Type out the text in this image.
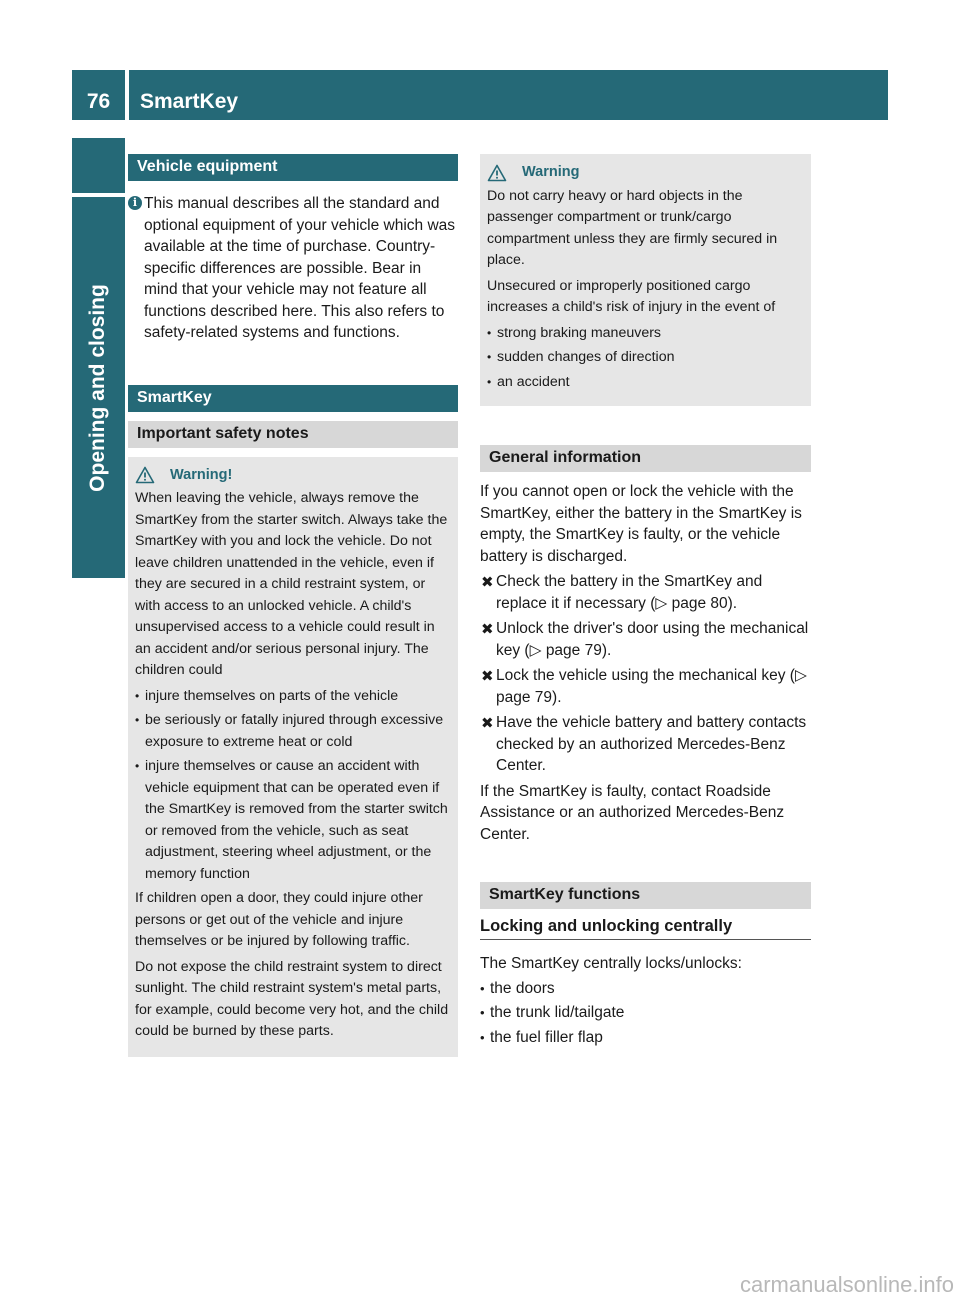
76	SmartKey
Opening and closing
Vehicle equipment
i This manual describes all the standard and optional equipment of your vehicle which was available at the time of purchase. Country-specific differences are possible. Bear in mind that your vehicle may not feature all functions described here. This also refers to safety-related systems and functions.
SmartKey
Important safety notes
Warning!

When leaving the vehicle, always remove the SmartKey from the starter switch. Always take the SmartKey with you and lock the vehicle. Do not leave children unattended in the vehicle, even if they are secured in a child restraint system, or with access to an unlocked vehicle. A child's unsupervised access to a vehicle could result in an accident and/or serious personal injury. The children could

• injure themselves on parts of the vehicle
• be seriously or fatally injured through excessive exposure to extreme heat or cold
• injure themselves or cause an accident with vehicle equipment that can be operated even if the SmartKey is removed from the starter switch or removed from the vehicle, such as seat adjustment, steering wheel adjustment, or the memory function

If children open a door, they could injure other persons or get out of the vehicle and injure themselves or be injured by following traffic.

Do not expose the child restraint system to direct sunlight. The child restraint system's metal parts, for example, could become very hot, and the child could be burned by these parts.

Warning

Do not carry heavy or hard objects in the passenger compartment or trunk/cargo compartment unless they are firmly secured in place.

Unsecured or improperly positioned cargo increases a child's risk of injury in the event of

• strong braking maneuvers
• sudden changes of direction
• an accident
General information
If you cannot open or lock the vehicle with the SmartKey, either the battery in the SmartKey is empty, the SmartKey is faulty, or the vehicle battery is discharged.
✖ Check the battery in the SmartKey and replace it if necessary (▷ page 80).
✖ Unlock the driver's door using the mechanical key (▷ page 79).
✖ Lock the vehicle using the mechanical key (▷ page 79).
✖ Have the vehicle battery and battery contacts checked by an authorized Mercedes-Benz Center.
If the SmartKey is faulty, contact Roadside Assistance or an authorized Mercedes-Benz Center.
SmartKey functions
Locking and unlocking centrally
The SmartKey centrally locks/unlocks:
• the doors
• the trunk lid/tailgate
• the fuel filler flap
carmanualsonline.info
